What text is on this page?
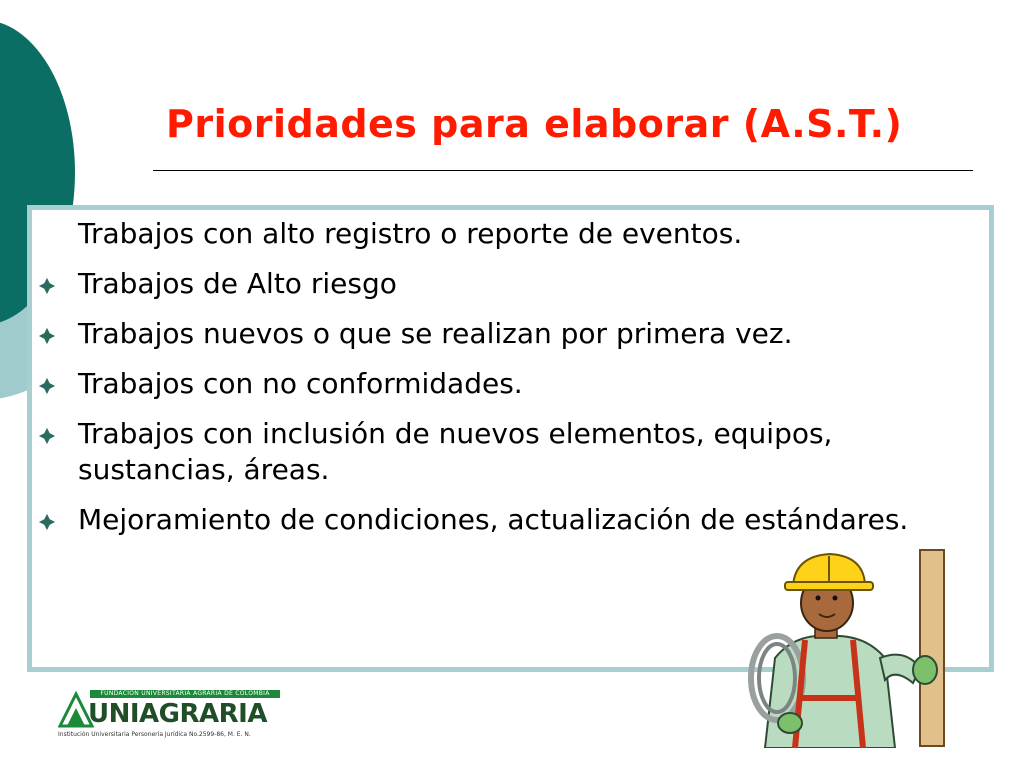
Prioridades para elaborar (A.S.T.)
Trabajos con alto registro o reporte de eventos.
Trabajos de Alto riesgo
Trabajos nuevos o que se realizan por primera vez.
Trabajos con no conformidades.
Trabajos con inclusión de nuevos elementos, equipos, sustancias, áreas.
Mejoramiento de condiciones, actualización de estándares.
FUNDACIÓN UNIVERSITARIA AGRARIA DE COLOMBIA
UNIAGRARIA
Institución Universitaria Personería Jurídica No.2599-86, M. E. N.
